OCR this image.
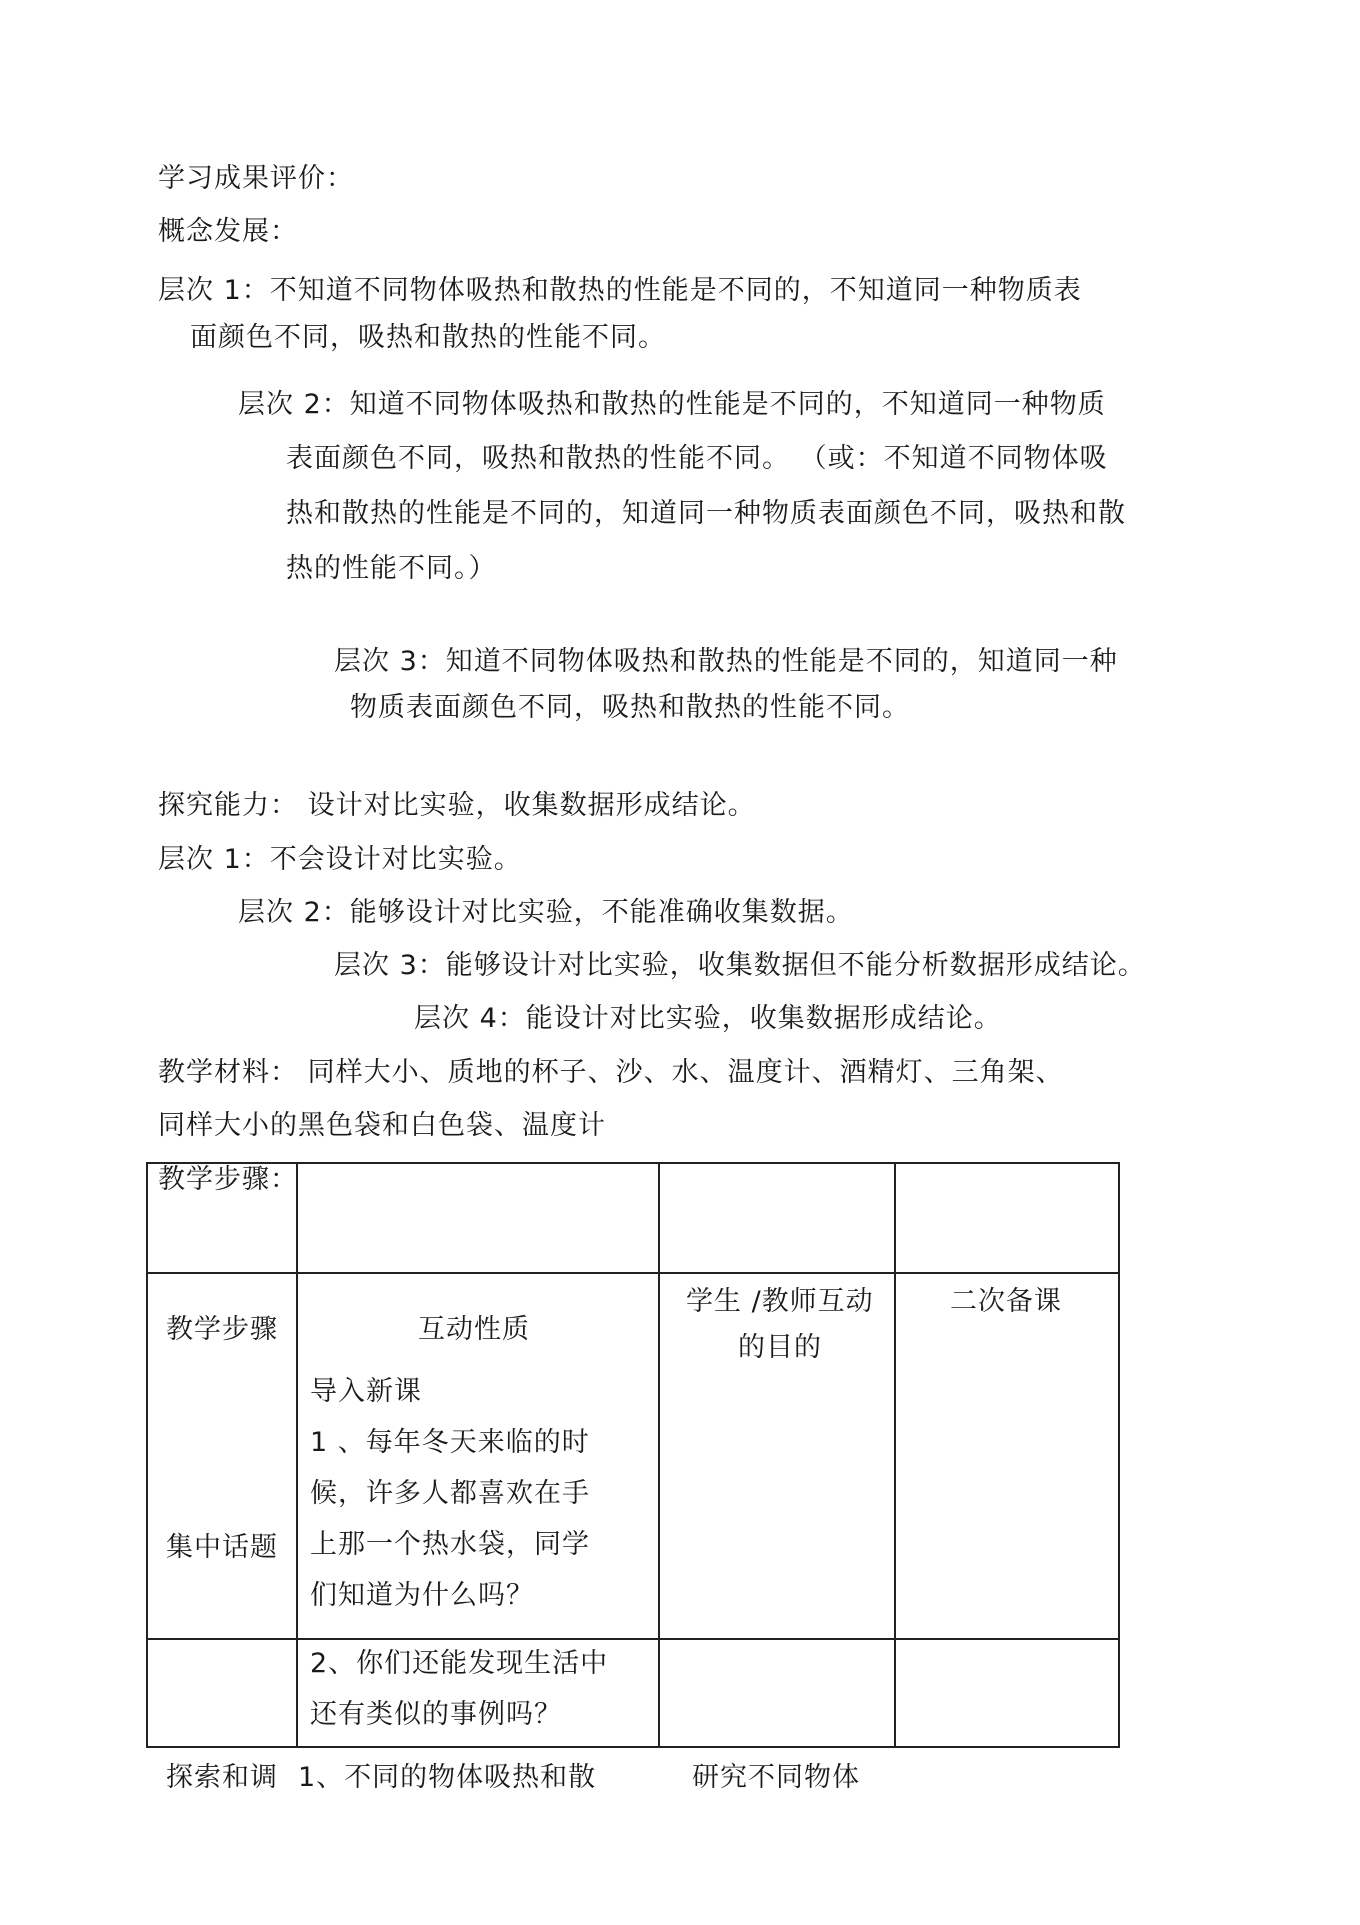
学习成果评价：
概念发展：
层次 1：不知道不同物体吸热和散热的性能是不同的，不知道同一种物质表
面颜色不同，吸热和散热的性能不同。
层次 2：知道不同物体吸热和散热的性能是不同的，不知道同一种物质
表面颜色不同，吸热和散热的性能不同。 （或：不知道不同物体吸
热和散热的性能是不同的，知道同一种物质表面颜色不同，吸热和散
热的性能不同。）
层次 3：知道不同物体吸热和散热的性能是不同的，知道同一种
物质表面颜色不同，吸热和散热的性能不同。
探究能力： 设计对比实验，收集数据形成结论。
层次 1：不会设计对比实验。
层次 2：能够设计对比实验，不能准确收集数据。
层次 3：能够设计对比实验，收集数据但不能分析数据形成结论。
层次 4：能设计对比实验，收集数据形成结论。
教学材料： 同样大小、质地的杯子、沙、水、温度计、酒精灯、三角架、
同样大小的黑色袋和白色袋、温度计
教学步骤：
教学步骤	互动性质
学生 /教师互动
的目的
二次备课
集中话题
导入新课
1 、每年冬天来临的时
候，许多人都喜欢在手
上那一个热水袋，同学
们知道为什么吗？
2、你们还能发现生活中
还有类似的事例吗？
探索和调 1、不同的物体吸热和散	研究不同物体
